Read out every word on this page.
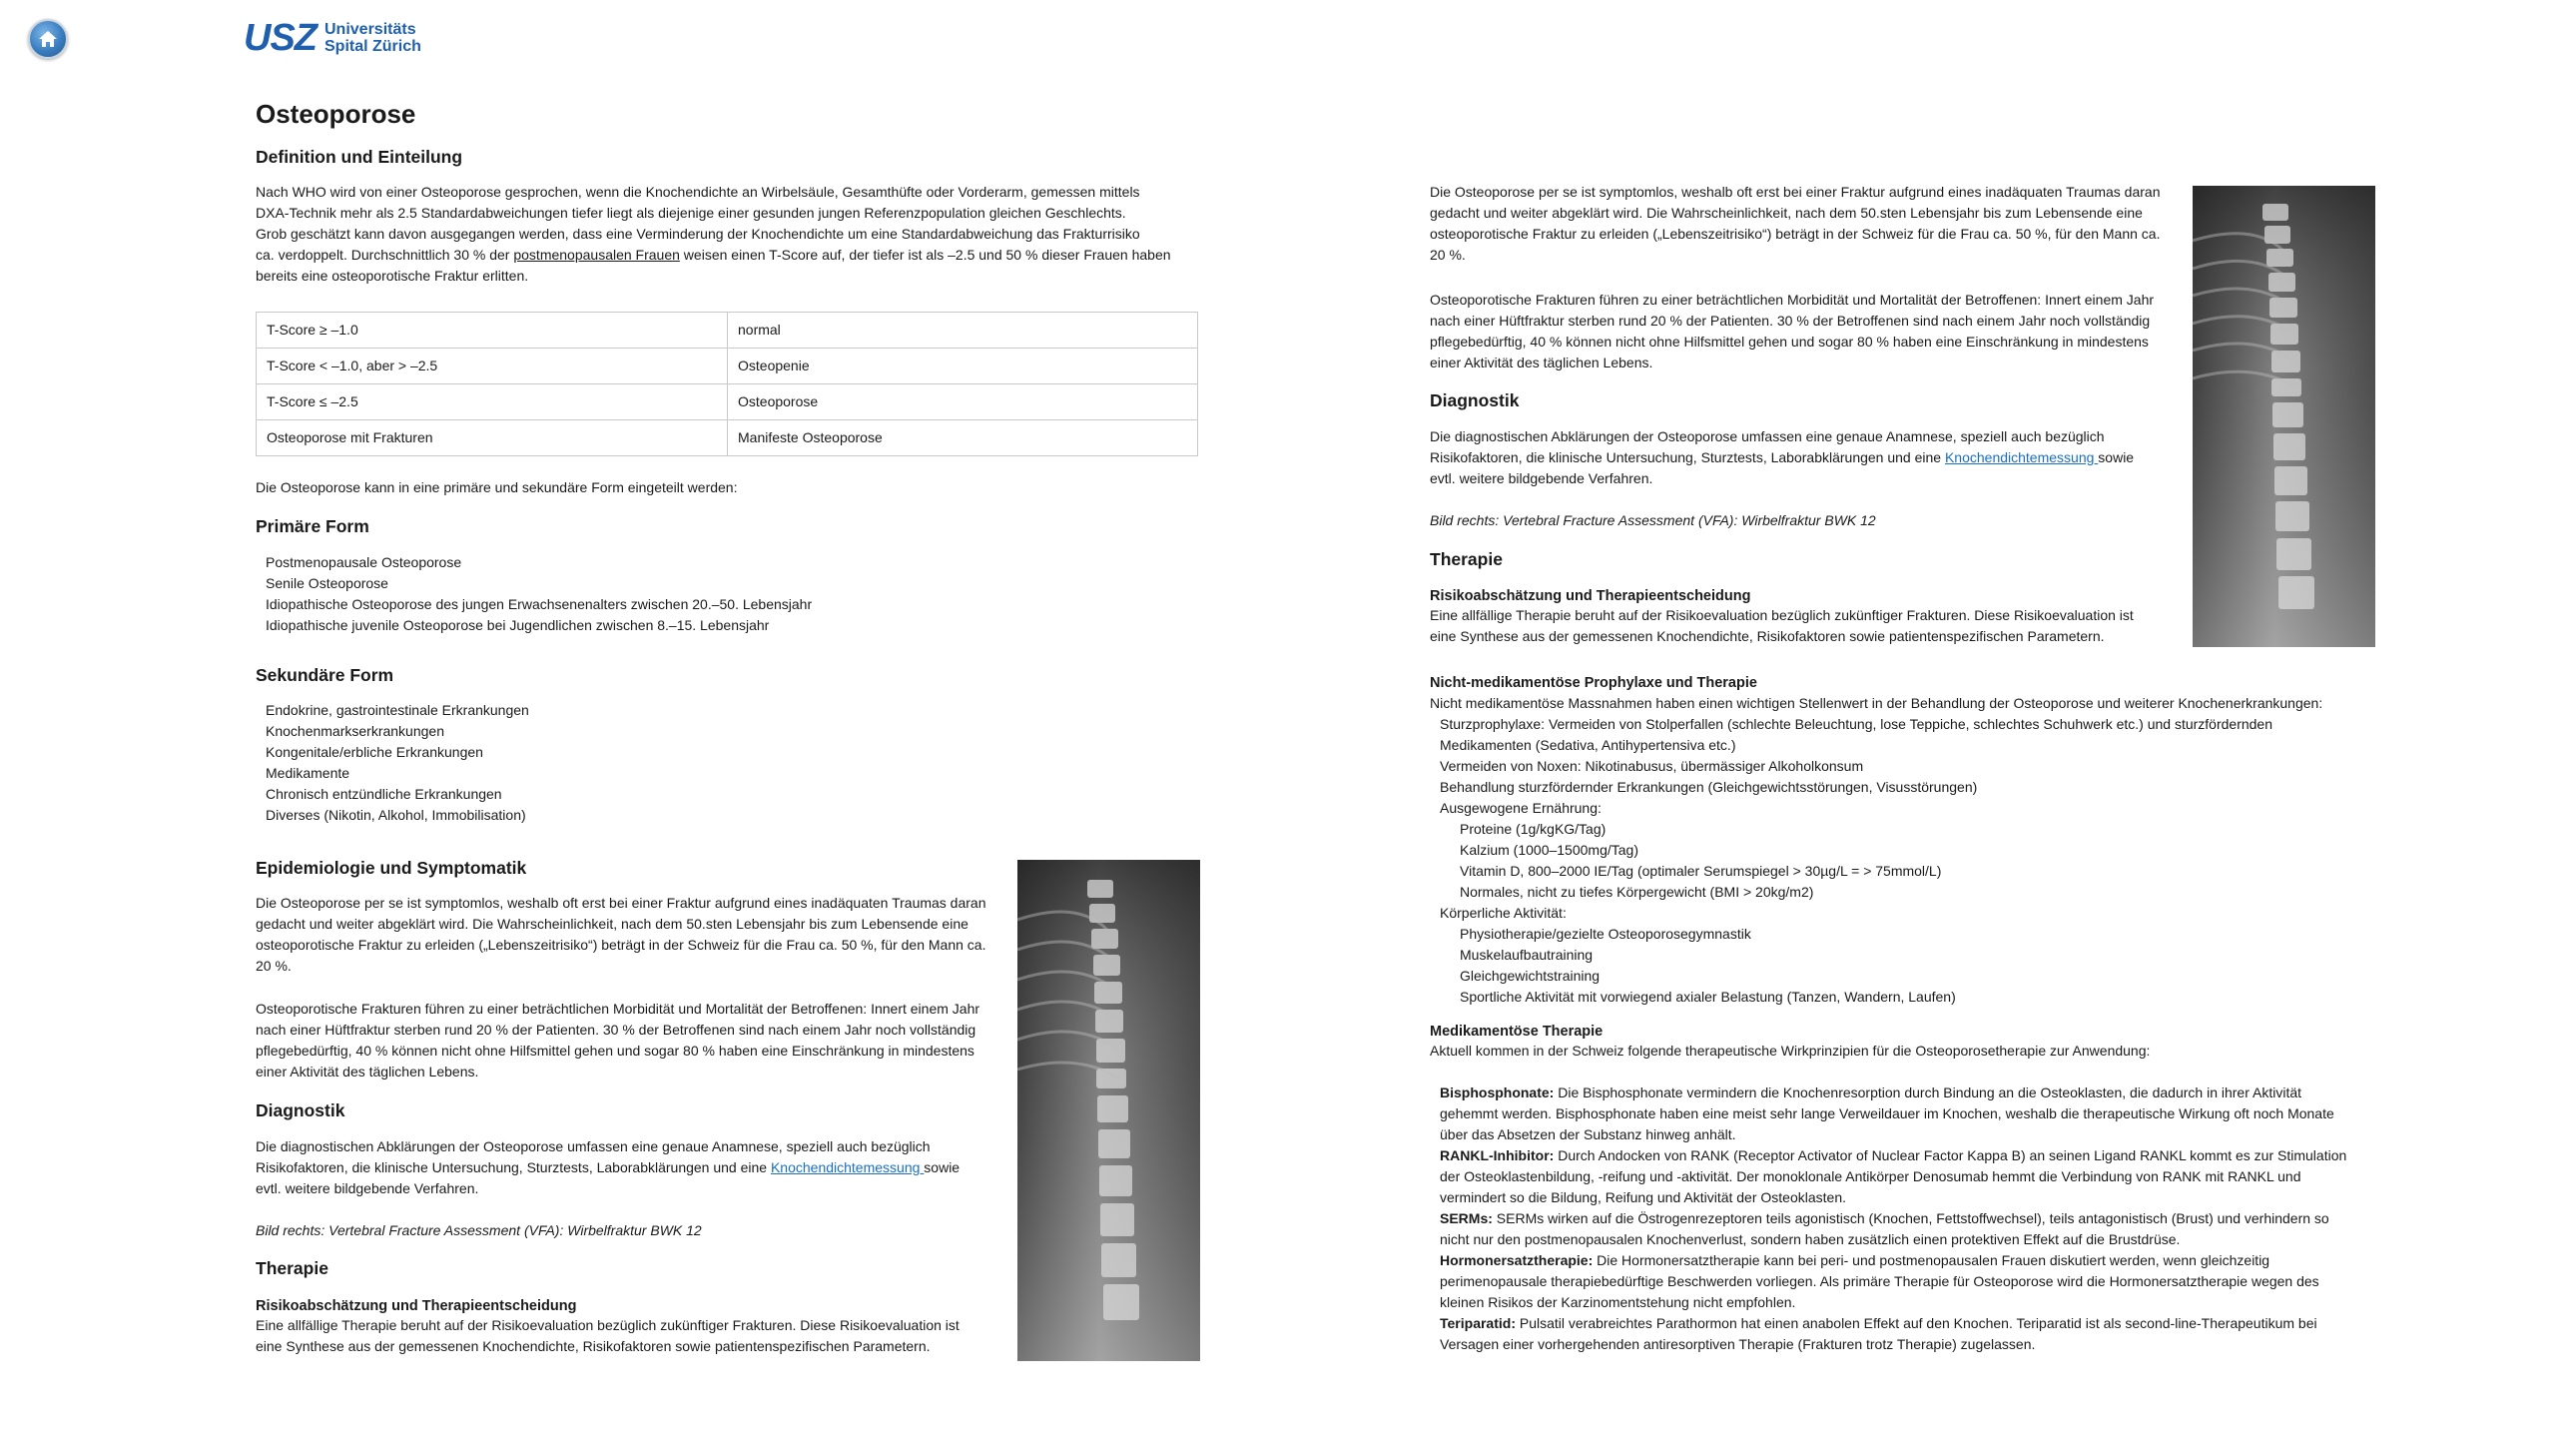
USZ Universitäts
Spital Zürich
Osteoporose
Definition und Einteilung

Nach WHO wird von einer Osteoporose gesprochen, wenn die Knochendichte an Wirbelsäule, Gesamthüfte oder Vorderarm, gemessen mittels

DXA-Technik mehr als 2.5 Standardabweichungen tiefer liegt als diejenige einer gesunden jungen Referenzpopulation gleichen Geschlechts.

Grob geschätzt kann davon ausgegangen werden, dass eine Verminderung der Knochendichte um eine Standardabweichung das Frakturrisiko

ca. verdoppelt. Durchschnittlich 30 % der postmenopausalen Frauen weisen einen T-Score auf, der tiefer ist als –2.5 und 50 % dieser Frauen haben

bereits eine osteoporotische Fraktur erlitten.

T-Score ≥ –1.0	normal
T-Score < –1.0, aber > –2.5	Osteopenie
T-Score ≤ –2.5	Osteoporose
Osteoporose mit Frakturen	Manifeste Osteoporose

Die Osteoporose kann in eine primäre und sekundäre Form eingeteilt werden:

Primäre Form
Postmenopausale Osteoporose
Senile Osteoporose
Idiopathische Osteoporose des jungen Erwachsenenalters zwischen 20.–50. Lebensjahr
Idiopathische juvenile Osteoporose bei Jugendlichen zwischen 8.–15. Lebensjahr
Sekundäre Form
Endokrine, gastrointestinale Erkrankungen
Knochenmarkserkrankungen
Kongenitale/erbliche Erkrankungen
Medikamente
Chronisch entzündliche Erkrankungen
Diverses (Nikotin, Alkohol, Immobilisation)
Epidemiologie und Symptomatik

Die Osteoporose per se ist symptomlos, weshalb oft erst bei einer Fraktur aufgrund eines inadäquaten Traumas daran

gedacht und weiter abgeklärt wird. Die Wahrscheinlichkeit, nach dem 50.sten Lebensjahr bis zum Lebensende eine

osteoporotische Fraktur zu erleiden („Lebenszeitrisiko“) beträgt in der Schweiz für die Frau ca. 50 %, für den Mann ca.

20 %.

Osteoporotische Frakturen führen zu einer beträchtlichen Morbidität und Mortalität der Betroffenen: Innert einem Jahr

nach einer Hüftfraktur sterben rund 20 % der Patienten. 30 % der Betroffenen sind nach einem Jahr noch vollständig

pflegebedürftig, 40 % können nicht ohne Hilfsmittel gehen und sogar 80 % haben eine Einschränkung in mindestens

einer Aktivität des täglichen Lebens.

Diagnostik

Die diagnostischen Abklärungen der Osteoporose umfassen eine genaue Anamnese, speziell auch bezüglich

Risikofaktoren, die klinische Untersuchung, Sturztests, Laborabklärungen und eine Knochendichtemessung sowie

evtl. weitere bildgebende Verfahren.

Bild rechts: Vertebral Fracture Assessment (VFA): Wirbelfraktur BWK 12

Therapie
Risikoabschätzung und Therapieentscheidung

Eine allfällige Therapie beruht auf der Risikoevaluation bezüglich zukünftiger Frakturen. Diese Risikoevaluation ist

eine Synthese aus der gemessenen Knochendichte, Risikofaktoren sowie patientenspezifischen Parametern.

Die Osteoporose per se ist symptomlos, weshalb oft erst bei einer Fraktur aufgrund eines inadäquaten Traumas daran

gedacht und weiter abgeklärt wird. Die Wahrscheinlichkeit, nach dem 50.sten Lebensjahr bis zum Lebensende eine

osteoporotische Fraktur zu erleiden („Lebenszeitrisiko“) beträgt in der Schweiz für die Frau ca. 50 %, für den Mann ca.

20 %.

Osteoporotische Frakturen führen zu einer beträchtlichen Morbidität und Mortalität der Betroffenen: Innert einem Jahr

nach einer Hüftfraktur sterben rund 20 % der Patienten. 30 % der Betroffenen sind nach einem Jahr noch vollständig

pflegebedürftig, 40 % können nicht ohne Hilfsmittel gehen und sogar 80 % haben eine Einschränkung in mindestens

einer Aktivität des täglichen Lebens.

Diagnostik

Die diagnostischen Abklärungen der Osteoporose umfassen eine genaue Anamnese, speziell auch bezüglich

Risikofaktoren, die klinische Untersuchung, Sturztests, Laborabklärungen und eine Knochendichtemessung sowie

evtl. weitere bildgebende Verfahren.

Bild rechts: Vertebral Fracture Assessment (VFA): Wirbelfraktur BWK 12

Therapie
Risikoabschätzung und Therapieentscheidung

Eine allfällige Therapie beruht auf der Risikoevaluation bezüglich zukünftiger Frakturen. Diese Risikoevaluation ist

eine Synthese aus der gemessenen Knochendichte, Risikofaktoren sowie patientenspezifischen Parametern.

Nicht-medikamentöse Prophylaxe und Therapie

Nicht medikamentöse Massnahmen haben einen wichtigen Stellenwert in der Behandlung der Osteoporose und weiterer Knochenerkrankungen:

Sturzprophylaxe: Vermeiden von Stolperfallen (schlechte Beleuchtung, lose Teppiche, schlechtes Schuhwerk etc.) und sturzfördernden
Medikamenten (Sedativa, Antihypertensiva etc.)
Vermeiden von Noxen: Nikotinabusus, übermässiger Alkoholkonsum
Behandlung sturzfördernder Erkrankungen (Gleichgewichtsstörungen, Visusstörungen)
Ausgewogene Ernährung:
Proteine (1g/kgKG/Tag)
Kalzium (1000–1500mg/Tag)
Vitamin D, 800–2000 IE/Tag (optimaler Serumspiegel > 30µg/L = > 75mmol/L)
Normales, nicht zu tiefes Körpergewicht (BMI > 20kg/m2)
Körperliche Aktivität:
Physiotherapie/gezielte Osteoporosegymnastik
Muskelaufbautraining
Gleichgewichtstraining
Sportliche Aktivität mit vorwiegend axialer Belastung (Tanzen, Wandern, Laufen)
Medikamentöse Therapie

Aktuell kommen in der Schweiz folgende therapeutische Wirkprinzipien für die Osteoporosetherapie zur Anwendung:

Bisphosphonate: Die Bisphosphonate vermindern die Knochenresorption durch Bindung an die Osteoklasten, die dadurch in ihrer Aktivität

gehemmt werden. Bisphosphonate haben eine meist sehr lange Verweildauer im Knochen, weshalb die therapeutische Wirkung oft noch Monate

über das Absetzen der Substanz hinweg anhält.

RANKL-Inhibitor: Durch Andocken von RANK (Receptor Activator of Nuclear Factor Kappa B) an seinen Ligand RANKL kommt es zur Stimulation

der Osteoklastenbildung, -reifung und -aktivität. Der monoklonale Antikörper Denosumab hemmt die Verbindung von RANK mit RANKL und

vermindert so die Bildung, Reifung und Aktivität der Osteoklasten.

SERMs: SERMs wirken auf die Östrogenrezeptoren teils agonistisch (Knochen, Fettstoffwechsel), teils antagonistisch (Brust) und verhindern so

nicht nur den postmenopausalen Knochenverlust, sondern haben zusätzlich einen protektiven Effekt auf die Brustdrüse.

Hormonersatztherapie: Die Hormonersatztherapie kann bei peri- und postmenopausalen Frauen diskutiert werden, wenn gleichzeitig

perimenopausale therapiebedürftige Beschwerden vorliegen. Als primäre Therapie für Osteoporose wird die Hormonersatztherapie wegen des

kleinen Risikos der Karzinomentstehung nicht empfohlen.

Teriparatid: Pulsatil verabreichtes Parathormon hat einen anabolen Effekt auf den Knochen. Teriparatid ist als second-line-Therapeutikum bei

Versagen einer vorhergehenden antiresorptiven Therapie (Frakturen trotz Therapie) zugelassen.
